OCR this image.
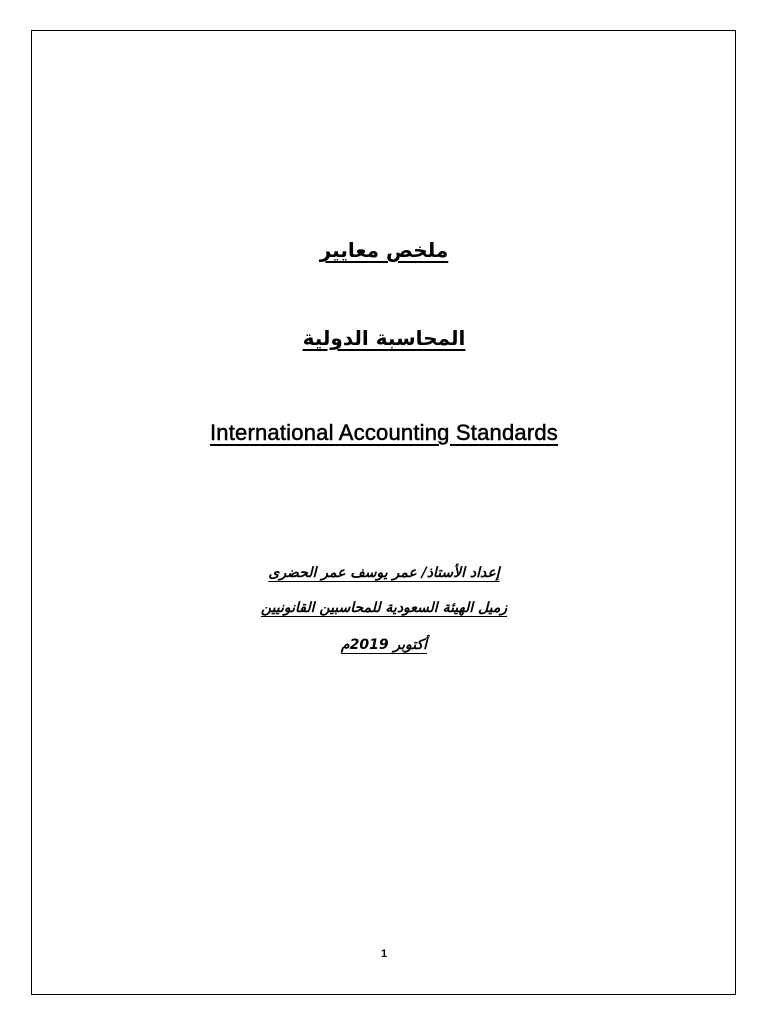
ملخص معايير
المحاسبة الدولية
International Accounting Standards
إعداد الأستاذ/ عمر يوسف عمر الحضرى
زميل الهيئة السعودية للمحاسبين القانونيين
أكتوبر 2019م
1
